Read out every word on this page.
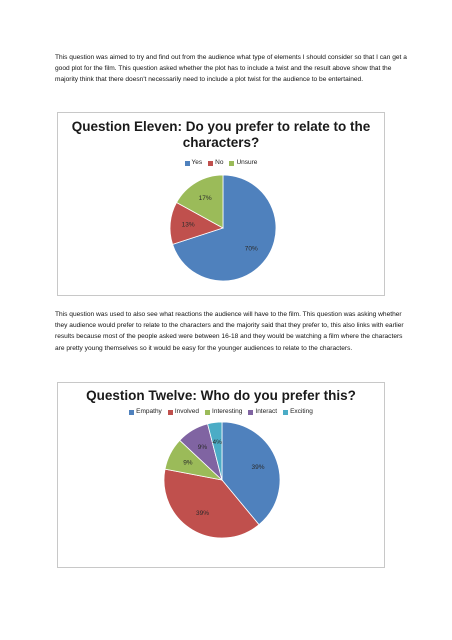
This question was aimed to try and find out from the audience what type of elements I should consider so that I can get a good plot for the film. This question asked whether the plot has to include a twist and the result above show that the majority think that there doesn't necessarily need to include a plot twist for the audience to be entertained.

Question Eleven: Do you prefer to relate to the characters?

Yes No Unsure
70%
13%
17%

This question was used to also see what reactions the audience will have to the film. This question was asking whether they audience would prefer to relate to the characters and the majority said that they prefer to, this also links with earlier results because most of the people asked were between 16-18 and they would be watching a film where the characters are pretty young themselves so it would be easy for the younger audiences to relate to the characters.

Question Twelve: Who do you prefer this?

Empathy Involved Interesting Interact Exciting
39%
39%
9%
9%
4%
